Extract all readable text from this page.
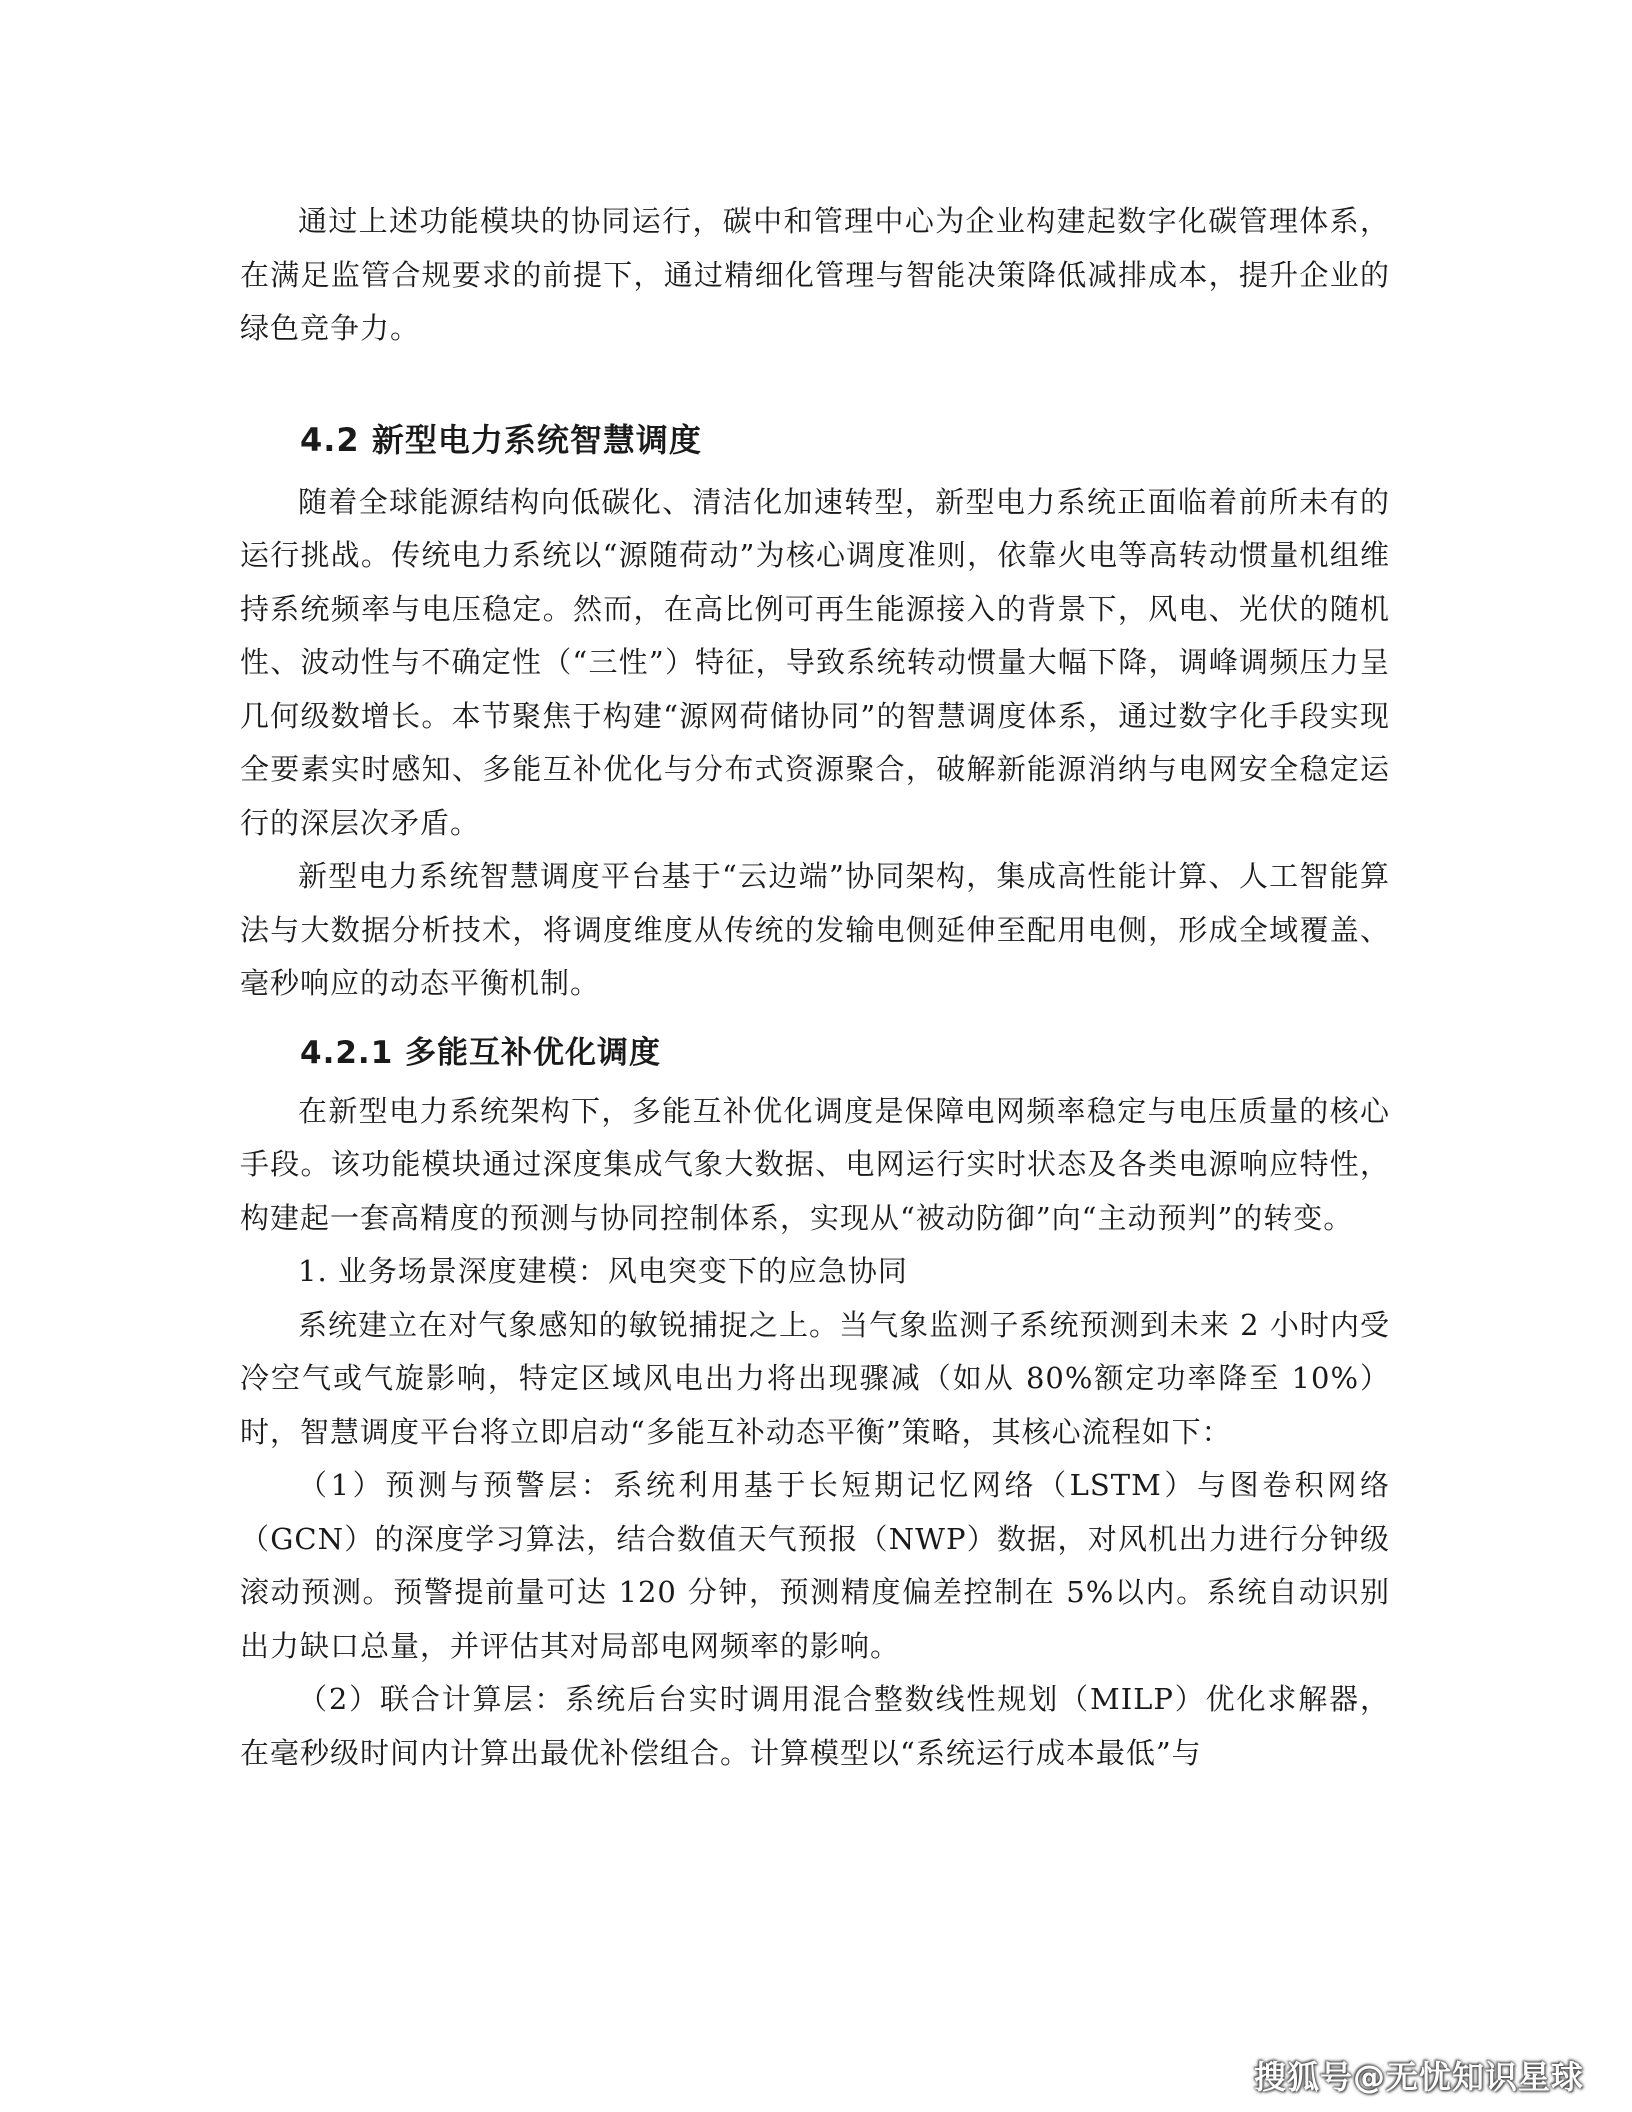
通过上述功能模块的协同运行，碳中和管理中心为企业构建起数字化碳管理体系，在满足监管合规要求的前提下，通过精细化管理与智能决策降低减排成本，提升企业的绿色竞争力。

4.2 新型电力系统智慧调度

随着全球能源结构向低碳化、清洁化加速转型，新型电力系统正面临着前所未有的运行挑战。传统电力系统以“源随荷动”为核心调度准则，依靠火电等高转动惯量机组维持系统频率与电压稳定。然而，在高比例可再生能源接入的背景下，风电、光伏的随机性、波动性与不确定性（“三性”）特征，导致系统转动惯量大幅下降，调峰调频压力呈几何级数增长。本节聚焦于构建“源网荷储协同”的智慧调度体系，通过数字化手段实现全要素实时感知、多能互补优化与分布式资源聚合，破解新能源消纳与电网安全稳定运行的深层次矛盾。

新型电力系统智慧调度平台基于“云边端”协同架构，集成高性能计算、人工智能算法与大数据分析技术，将调度维度从传统的发输电侧延伸至配用电侧，形成全域覆盖、毫秒响应的动态平衡机制。

4.2.1 多能互补优化调度

在新型电力系统架构下，多能互补优化调度是保障电网频率稳定与电压质量的核心手段。该功能模块通过深度集成气象大数据、电网运行实时状态及各类电源响应特性，构建起一套高精度的预测与协同控制体系，实现从“被动防御”向“主动预判”的转变。

1. 业务场景深度建模：风电突变下的应急协同

系统建立在对气象感知的敏锐捕捉之上。当气象监测子系统预测到未来 2 小时内受冷空气或气旋影响，特定区域风电出力将出现骤减（如从 80%额定功率降至 10%）时，智慧调度平台将立即启动“多能互补动态平衡”策略，其核心流程如下：

（1）预测与预警层：系统利用基于长短期记忆网络（LSTM）与图卷积网络（GCN）的深度学习算法，结合数值天气预报（NWP）数据，对风机出力进行分钟级滚动预测。预警提前量可达 120 分钟，预测精度偏差控制在 5%以内。系统自动识别出力缺口总量，并评估其对局部电网频率的影响。

（2）联合计算层：系统后台实时调用混合整数线性规划（MILP）优化求解器，在毫秒级时间内计算出最优补偿组合。计算模型以“系统运行成本最低”与

搜狐号@无忧知识星球
